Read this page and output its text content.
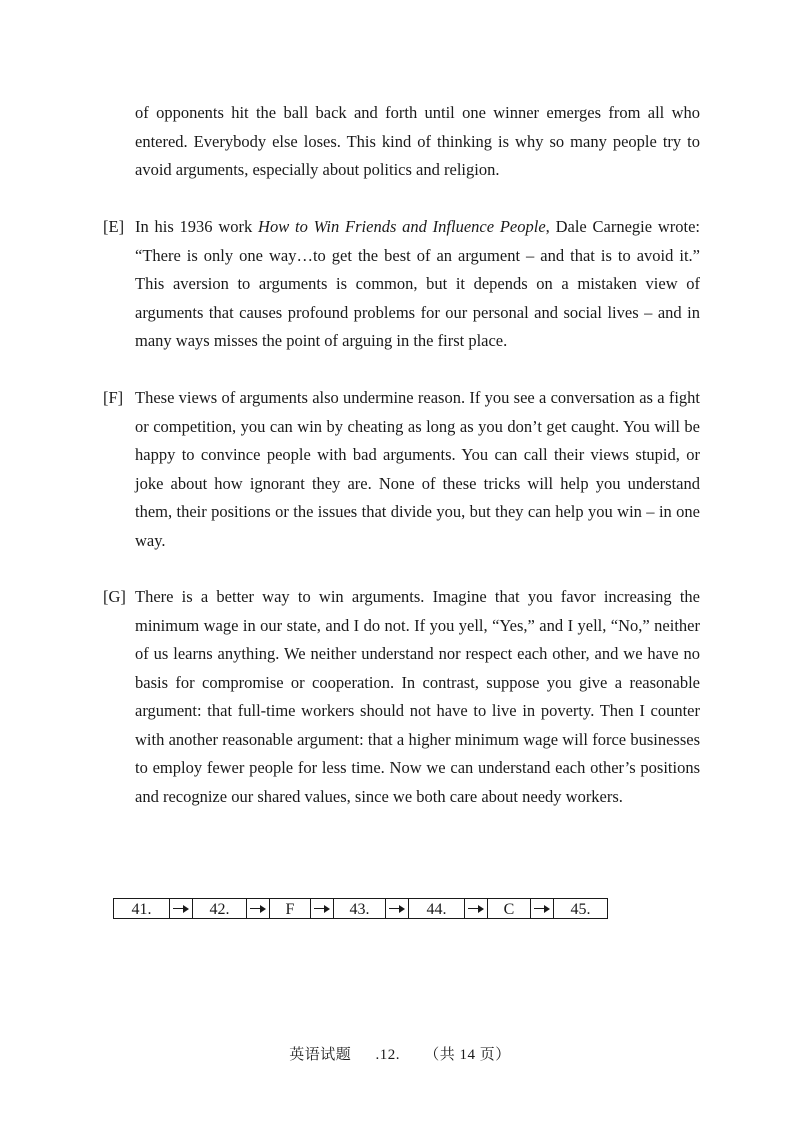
of opponents hit the ball back and forth until one winner emerges from all who entered. Everybody else loses. This kind of thinking is why so many people try to avoid arguments, especially about politics and religion.
[E] In his 1936 work How to Win Friends and Influence People, Dale Carnegie wrote: “There is only one way…to get the best of an argument – and that is to avoid it.” This aversion to arguments is common, but it depends on a mistaken view of arguments that causes profound problems for our personal and social lives – and in many ways misses the point of arguing in the first place.
[F] These views of arguments also undermine reason. If you see a conversation as a fight or competition, you can win by cheating as long as you don’t get caught. You will be happy to convince people with bad arguments. You can call their views stupid, or joke about how ignorant they are. None of these tricks will help you understand them, their positions or the issues that divide you, but they can help you win – in one way.
[G] There is a better way to win arguments. Imagine that you favor increasing the minimum wage in our state, and I do not. If you yell, “Yes,” and I yell, “No,” neither of us learns anything. We neither understand nor respect each other, and we have no basis for compromise or cooperation. In contrast, suppose you give a reasonable argument: that full-time workers should not have to live in poverty. Then I counter with another reasonable argument: that a higher minimum wage will force businesses to employ fewer people for less time. Now we can understand each other’s positions and recognize our shared values, since we both care about needy workers.
41.	42.	F	43.	44.	C	45.
英语试题 .12. （共 14 页）
